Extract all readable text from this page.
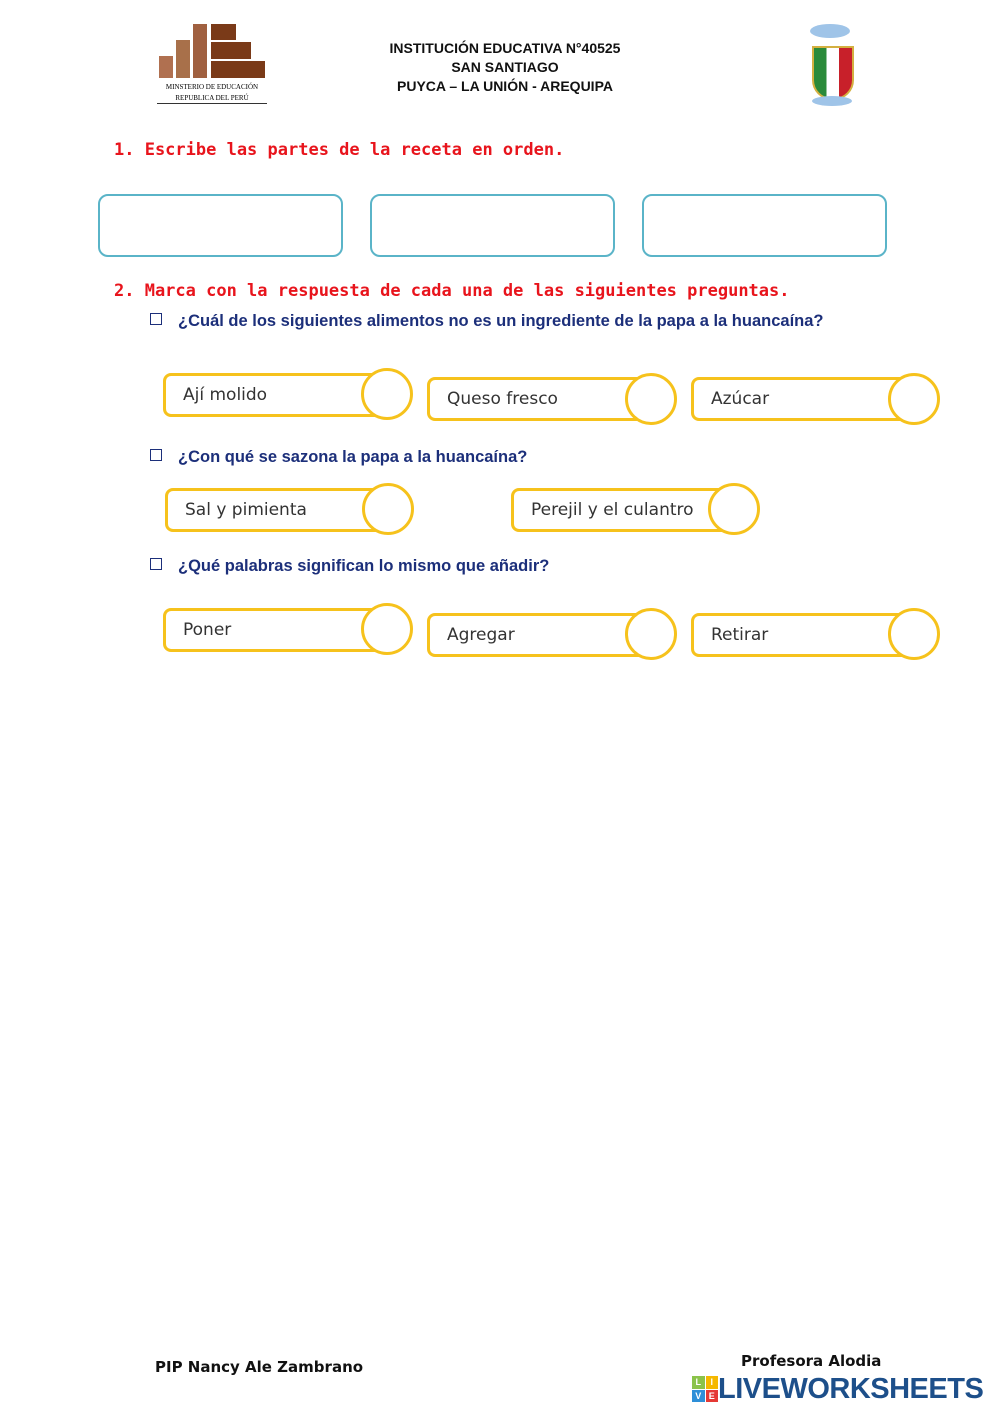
MINSTERIO DE EDUCACIÓN
REPUBLICA DEL PERÚ
INSTITUCIÓN EDUCATIVA N°40525
SAN SANTIAGO
PUYCA – LA UNIÓN - AREQUIPA
1. Escribe las partes de la receta en orden.
2. Marca con la respuesta de cada una de las siguientes preguntas.
¿Cuál de los siguientes alimentos no es un ingrediente de la papa a la huancaína?
Ají molido	Queso fresco	Azúcar
¿Con qué se sazona la papa a la huancaína?
Sal y pimienta	Perejil y el culantro
¿Qué palabras significan lo mismo que añadir?
Poner	Agregar	Retirar
PIP Nancy Ale Zambrano	Profesora Alodia
L	I
V E LIVEWORKSHEETS
